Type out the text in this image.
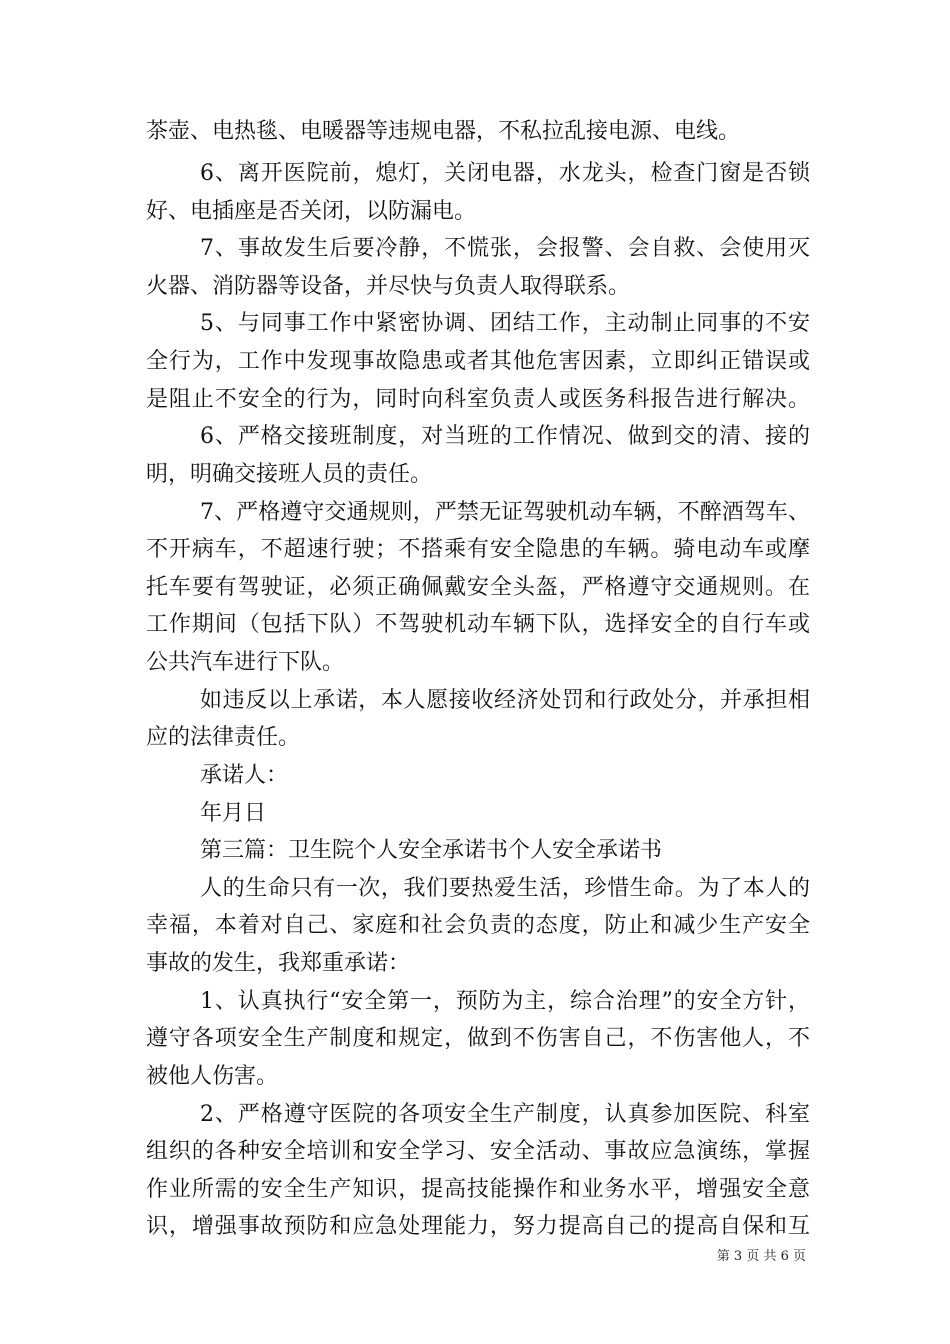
茶壶、电热毯、电暖器等违规电器，不私拉乱接电源、电线。
6、离开医院前，熄灯，关闭电器，水龙头，检查门窗是否锁
好、电插座是否关闭，以防漏电。
7、事故发生后要冷静，不慌张，会报警、会自救、会使用灭
火器、消防器等设备，并尽快与负责人取得联系。
5、与同事工作中紧密协调、团结工作，主动制止同事的不安
全行为，工作中发现事故隐患或者其他危害因素，立即纠正错误或
是阻止不安全的行为，同时向科室负责人或医务科报告进行解决。
6、严格交接班制度，对当班的工作情况、做到交的清、接的
明，明确交接班人员的责任。
7、严格遵守交通规则，严禁无证驾驶机动车辆，不醉酒驾车、
不开病车，不超速行驶；不搭乘有安全隐患的车辆。骑电动车或摩
托车要有驾驶证，必须正确佩戴安全头盔，严格遵守交通规则。在
工作期间（包括下队）不驾驶机动车辆下队，选择安全的自行车或
公共汽车进行下队。
如违反以上承诺，本人愿接收经济处罚和行政处分，并承担相
应的法律责任。
承诺人：
年月日
第三篇：卫生院个人安全承诺书个人安全承诺书
人的生命只有一次，我们要热爱生活，珍惜生命。为了本人的
幸福，本着对自己、家庭和社会负责的态度，防止和减少生产安全
事故的发生，我郑重承诺：
1、认真执行“安全第一，预防为主，综合治理”的安全方针，
遵守各项安全生产制度和规定，做到不伤害自己，不伤害他人，不
被他人伤害。
2、严格遵守医院的各项安全生产制度，认真参加医院、科室
组织的各种安全培训和安全学习、安全活动、事故应急演练，掌握
作业所需的安全生产知识，提高技能操作和业务水平，增强安全意
识，增强事故预防和应急处理能力，努力提高自己的提高自保和互
第 3 页 共 6 页
